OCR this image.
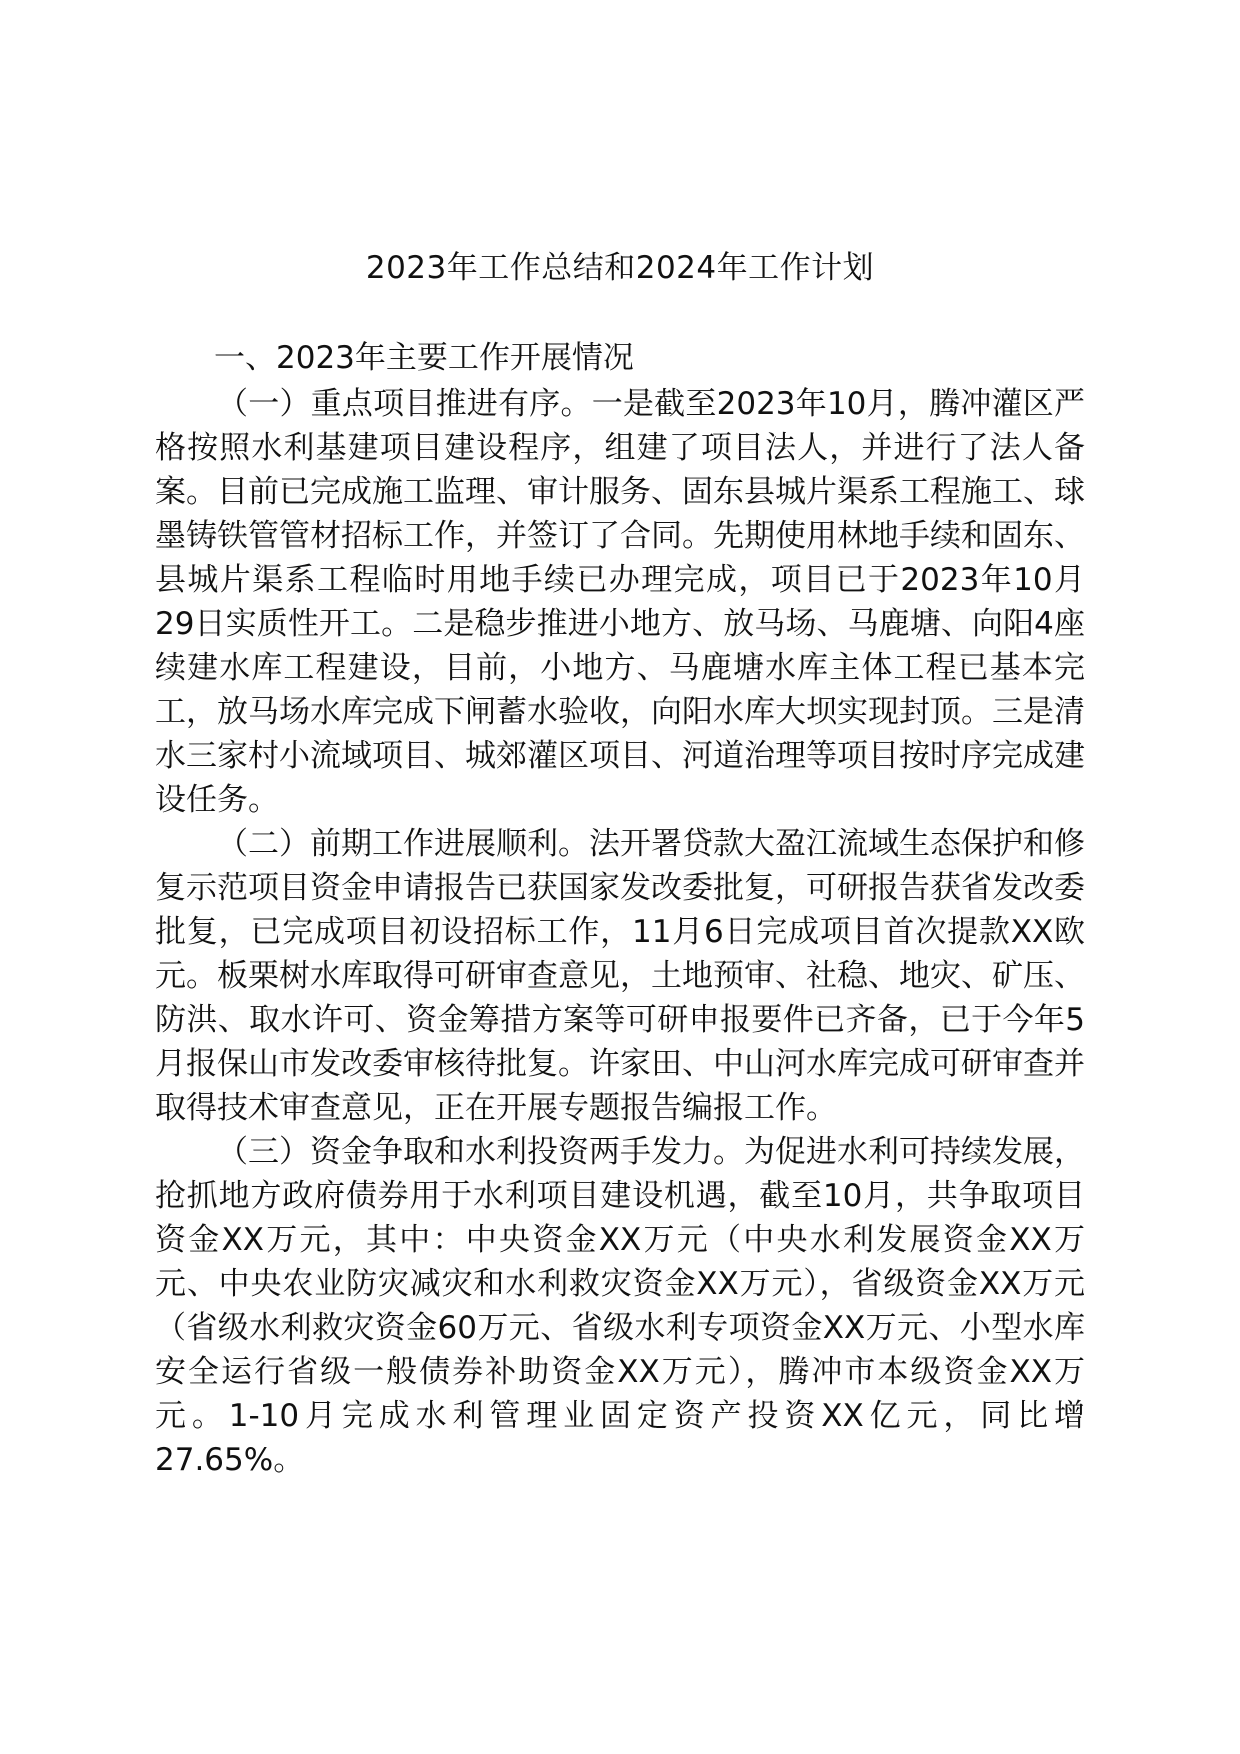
2023年工作总结和2024年工作计划
一、2023年主要工作开展情况

（一）重点项目推进有序。一是截至2023年10月，腾冲灌区严格按照水利基建项目建设程序，组建了项目法人，并进行了法人备案。目前已完成施工监理、审计服务、固东县城片渠系工程施工、球墨铸铁管管材招标工作，并签订了合同。先期使用林地手续和固东、县城片渠系工程临时用地手续已办理完成，项目已于2023年10月29日实质性开工。二是稳步推进小地方、放马场、马鹿塘、向阳4座续建水库工程建设，目前，小地方、马鹿塘水库主体工程已基本完工，放马场水库完成下闸蓄水验收，向阳水库大坝实现封顶。三是清水三家村小流域项目、城郊灌区项目、河道治理等项目按时序完成建设任务。

（二）前期工作进展顺利。法开署贷款大盈江流域生态保护和修复示范项目资金申请报告已获国家发改委批复，可研报告获省发改委批复，已完成项目初设招标工作，11月6日完成项目首次提款XX欧元。板栗树水库取得可研审查意见，土地预审、社稳、地灾、矿压、防洪、取水许可、资金筹措方案等可研申报要件已齐备，已于今年5月报保山市发改委审核待批复。许家田、中山河水库完成可研审查并取得技术审查意见，正在开展专题报告编报工作。

（三）资金争取和水利投资两手发力。为促进水利可持续发展，抢抓地方政府债券用于水利项目建设机遇，截至10月，共争取项目资金XX万元，其中：中央资金XX万元（中央水利发展资金XX万元、中央农业防灾减灾和水利救灾资金XX万元），省级资金XX万元（省级水利救灾资金60万元、省级水利专项资金XX万元、小型水库安全运行省级一般债券补助资金XX万元），腾冲市本级资金XX万元。1-10月完成水利管理业固定资产投资XX亿元，同比增27.65%。
